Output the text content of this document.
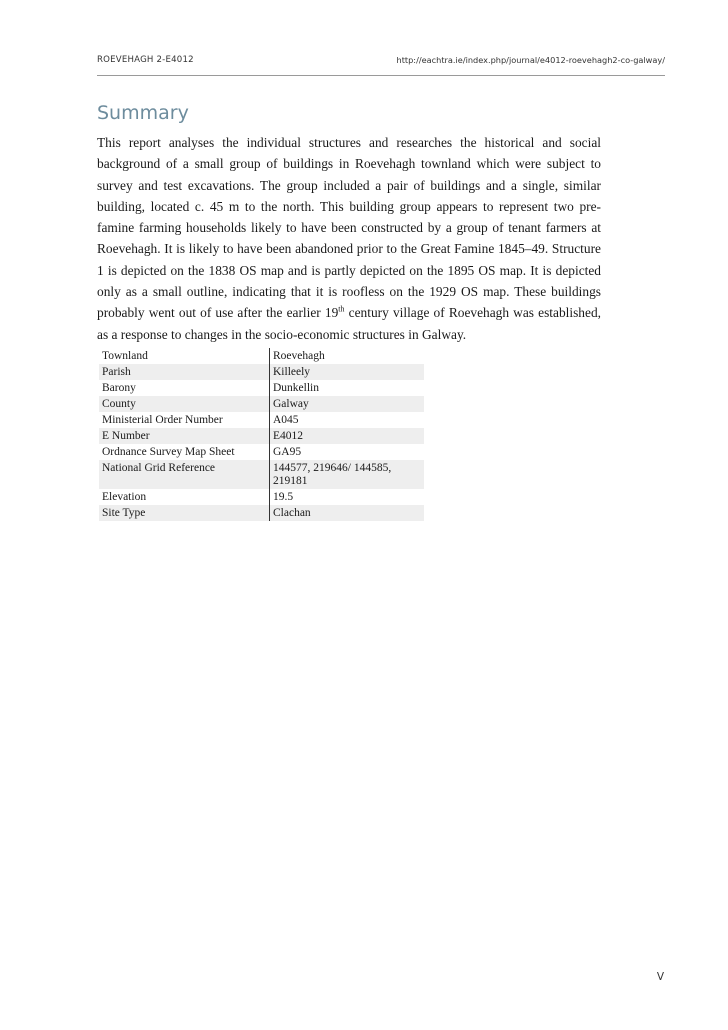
ROEVEHAGH 2-E4012	http://eachtra.ie/index.php/journal/e4012-roevehagh2-co-galway/
Summary

This report analyses the individual structures and researches the historical and social background of a small group of buildings in Roevehagh townland which were subject to survey and test excavations. The group included a pair of buildings and a single, similar building, located c. 45 m to the north. This building group appears to represent two pre-famine farming households likely to have been constructed by a group of tenant farmers at Roevehagh. It is likely to have been abandoned prior to the Great Famine 1845–49. Structure 1 is depicted on the 1838 OS map and is partly depicted on the 1895 OS map. It is depicted only as a small outline, indicating that it is roofless on the 1929 OS map. These buildings probably went out of use after the earlier 19th century village of Roevehagh was established, as a response to changes in the socio-economic structures in Galway.

Townland	Roevehagh
Parish	Killeely
Barony	Dunkellin
County	Galway
Ministerial Order Number	A045
E Number	E4012
Ordnance Survey Map Sheet	GA95
National Grid Reference	144577, 219646/ 144585, 219181
Elevation	19.5
Site Type	Clachan
V
